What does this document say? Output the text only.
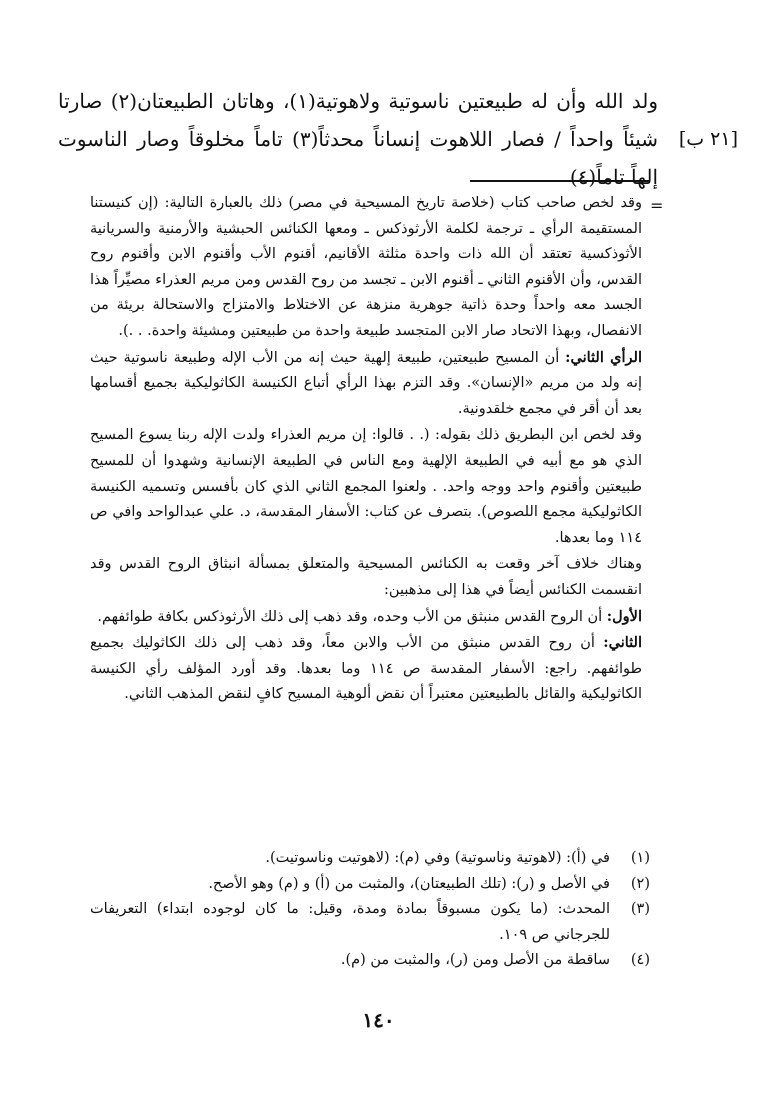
ولد الله وأن له طبيعتين ناسوتية ولاهوتية(١)، وهاتان الطبيعتان(٢) صارتا شيئاً واحداً / فصار اللاهوت إنساناً محدثاً(٣) تاماً مخلوقاً وصار الناسوت إلهاً تاماً(٤)
[٢١ ب]
=

وقد لخص صاحب كتاب (خلاصة تاريخ المسيحية في مصر) ذلك بالعبارة التالية: (إن كنيستنا المستقيمة الرأي ـ ترجمة لكلمة الأرثوذكس ـ ومعها الكنائس الحبشية والأرمنية والسريانية الأثوذكسية تعتقد أن الله ذات واحدة مثلثة الأقانيم، أقنوم الأب وأقنوم الابن وأقنوم روح القدس، وأن الأقنوم الثاني ـ أقنوم الابن ـ تجسد من روح القدس ومن مريم العذراء مصيِّراً هذا الجسد معه واحداً وحدة ذاتية جوهرية منزهة عن الاختلاط والامتزاج والاستحالة بريئة من الانفصال، وبهذا الاتحاد صار الابن المتجسد طبيعة واحدة من طبيعتين ومشيئة واحدة. . .).

الرأي الثاني: أن المسيح طبيعتين، طبيعة إلهية حيث إنه من الأب الإله وطبيعة ناسوتية حيث إنه ولد من مريم «الإنسان». وقد التزم بهذا الرأي أتباع الكنيسة الكاثوليكية بجميع أقسامها بعد أن أقر في مجمع خلقدونية.

وقد لخص ابن البطريق ذلك بقوله: (. . قالوا: إن مريم العذراء ولدت الإله ربنا يسوع المسيح الذي هو مع أبيه في الطبيعة الإلهية ومع الناس في الطبيعة الإنسانية وشهدوا أن للمسيح طبيعتين وأقنوم واحد ووجه واحد. . ولعنوا المجمع الثاني الذي كان بأفسس وتسميه الكنيسة الكاثوليكية مجمع اللصوص). بتصرف عن كتاب: الأسفار المقدسة، د. علي عبدالواحد وافي ص ١١٤ وما بعدها.

وهناك خلاف آخر وقعت به الكنائس المسيحية والمتعلق بمسألة انبثاق الروح القدس وقد انقسمت الكنائس أيضاً في هذا إلى مذهبين:

الأول: أن الروح القدس منبثق من الأب وحده، وقد ذهب إلى ذلك الأرثوذكس بكافة طوائفهم.

الثاني: أن روح القدس منبثق من الأب والابن معاً، وقد ذهب إلى ذلك الكاثوليك بجميع طوائفهم. راجع: الأسفار المقدسة ص ١١٤ وما بعدها. وقد أورد المؤلف رأي الكنيسة الكاثوليكية والقائل بالطبيعتين معتبراً أن نقض ألوهية المسيح كافٍ لنقض المذهب الثاني.

(١)
في (أ): (لاهوتية وناسوتية) وفي (م): (لاهوتيت وناسوتيت).
(٢)
في الأصل و (ر): (تلك الطبيعتان)، والمثبت من (أ) و (م) وهو الأصح.
(٣)
المحدث: (ما يكون مسبوقاً بمادة ومدة، وقيل: ما كان لوجوده ابتداء) التعريفات للجرجاني ص ١٠٩.
(٤)
ساقطة من الأصل ومن (ر)، والمثبت من (م).
١٤٠
